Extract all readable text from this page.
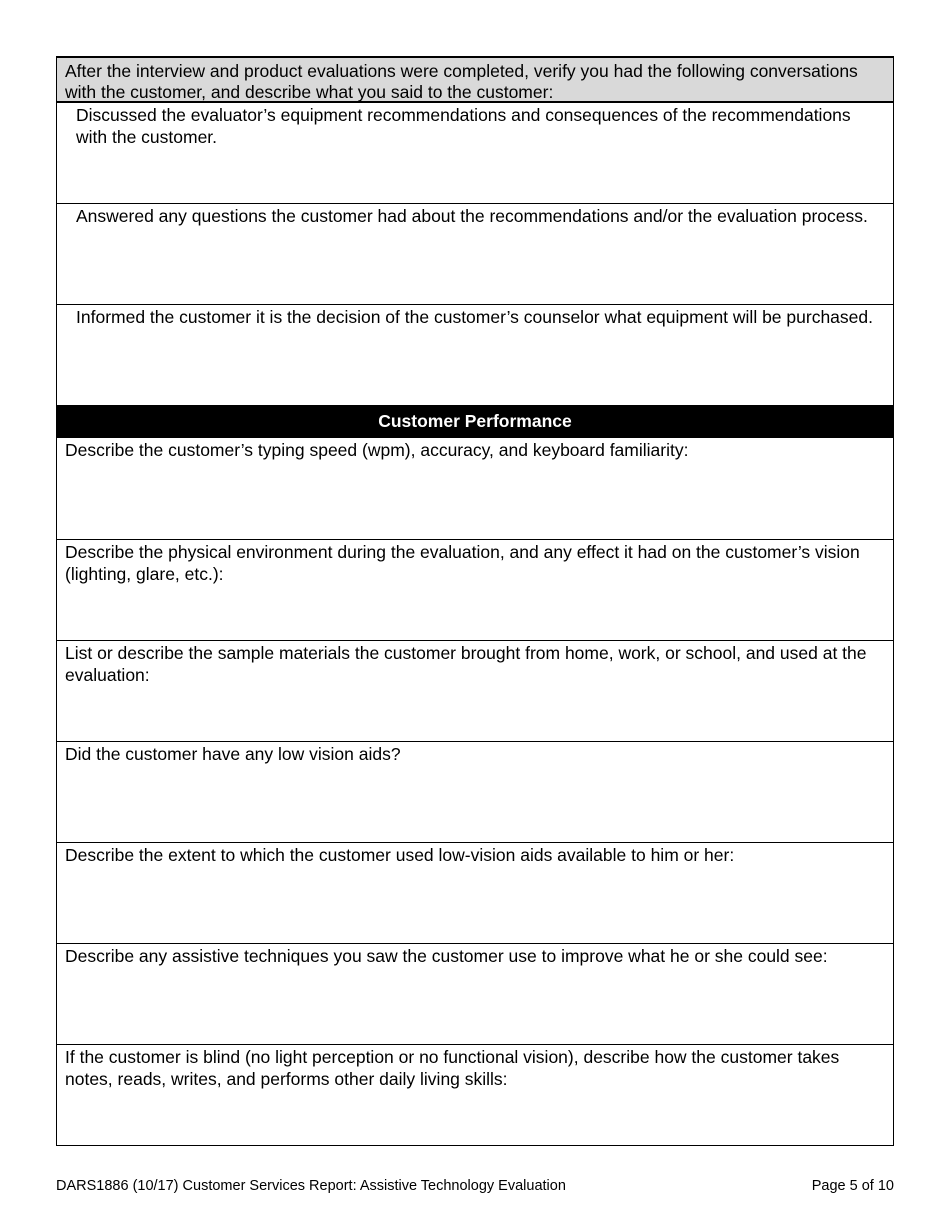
After the interview and product evaluations were completed, verify you had the following conversations with the customer, and describe what you said to the customer:
Discussed the evaluator’s equipment recommendations and consequences of the recommendations with the customer.
Answered any questions the customer had about the recommendations and/or the evaluation process.
Informed the customer it is the decision of the customer’s counselor what equipment will be purchased.
Customer Performance
Describe the customer’s typing speed (wpm), accuracy, and keyboard familiarity:
Describe the physical environment during the evaluation, and any effect it had on the customer’s vision (lighting, glare, etc.):
List or describe the sample materials the customer brought from home, work, or school, and used at the evaluation:
Did the customer have any low vision aids?
Describe the extent to which the customer used low-vision aids available to him or her:
Describe any assistive techniques you saw the customer use to improve what he or she could see:
If the customer is blind (no light perception or no functional vision), describe how the customer takes notes, reads, writes, and performs other daily living skills:
DARS1886 (10/17) Customer Services Report: Assistive Technology Evaluation	Page 5 of 10
